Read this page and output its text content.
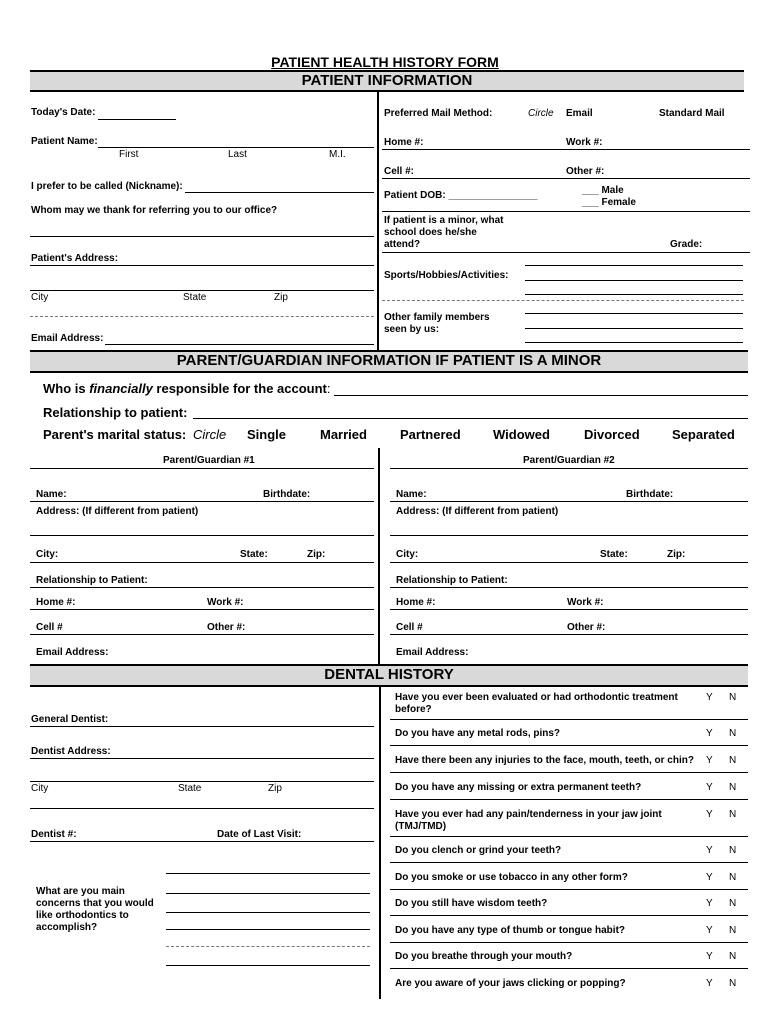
PATIENT HEALTH HISTORY FORM
PATIENT INFORMATION
Today's Date:
Patient Name:
First	Last	M.I.
I prefer to be called (Nickname):
Whom may we thank for referring you to our office?
Patient's Address:
City	State	Zip
Email Address:
Preferred Mail Method:	Circle Email	Standard Mail
Home #:	Work #:
Cell #:	Other #:
Patient DOB: ________________	___ Male
___ Female
If patient is a minor, what school does he/she attend?	Grade:
Sports/Hobbies/Activities:
Other family members seen by us:
PARENT/GUARDIAN INFORMATION IF PATIENT IS A MINOR
Who is financially responsible for the account:
Relationship to patient:
Parent's marital status: Circle Single	Married	Partnered Widowed	Divorced Separated
Parent/Guardian #1
Name:	Birthdate:
Address: (If different from patient)
City:	State:	Zip:
Relationship to Patient:
Home #:	Work #:
Cell #	Other #:
Email Address:
Parent/Guardian #2
Name:	Birthdate:
Address: (If different from patient)
City:	State:	Zip:
Relationship to Patient:
Home #:	Work #:
Cell #	Other #:
Email Address:
DENTAL HISTORY
General Dentist:
Dentist Address:
City	State	Zip
Dentist #:	Date of Last Visit:
What are you main concerns that you would like orthodontics to accomplish?
Have you ever been evaluated or had orthodontic treatment before?
Y N
Do you have any metal rods, pins?	Y N
Have there been any injuries to the face, mouth, teeth, or chin?	Y N
Do you have any missing or extra permanent teeth?	Y N
Have you ever had any pain/tenderness in your jaw joint (TMJ/TMD)
Y N
Do you clench or grind your teeth?	Y N
Do you smoke or use tobacco in any other form?	Y N
Do you still have wisdom teeth?	Y N
Do you have any type of thumb or tongue habit?	Y N
Do you breathe through your mouth?	Y N
Are you aware of your jaws clicking or popping?	Y N
